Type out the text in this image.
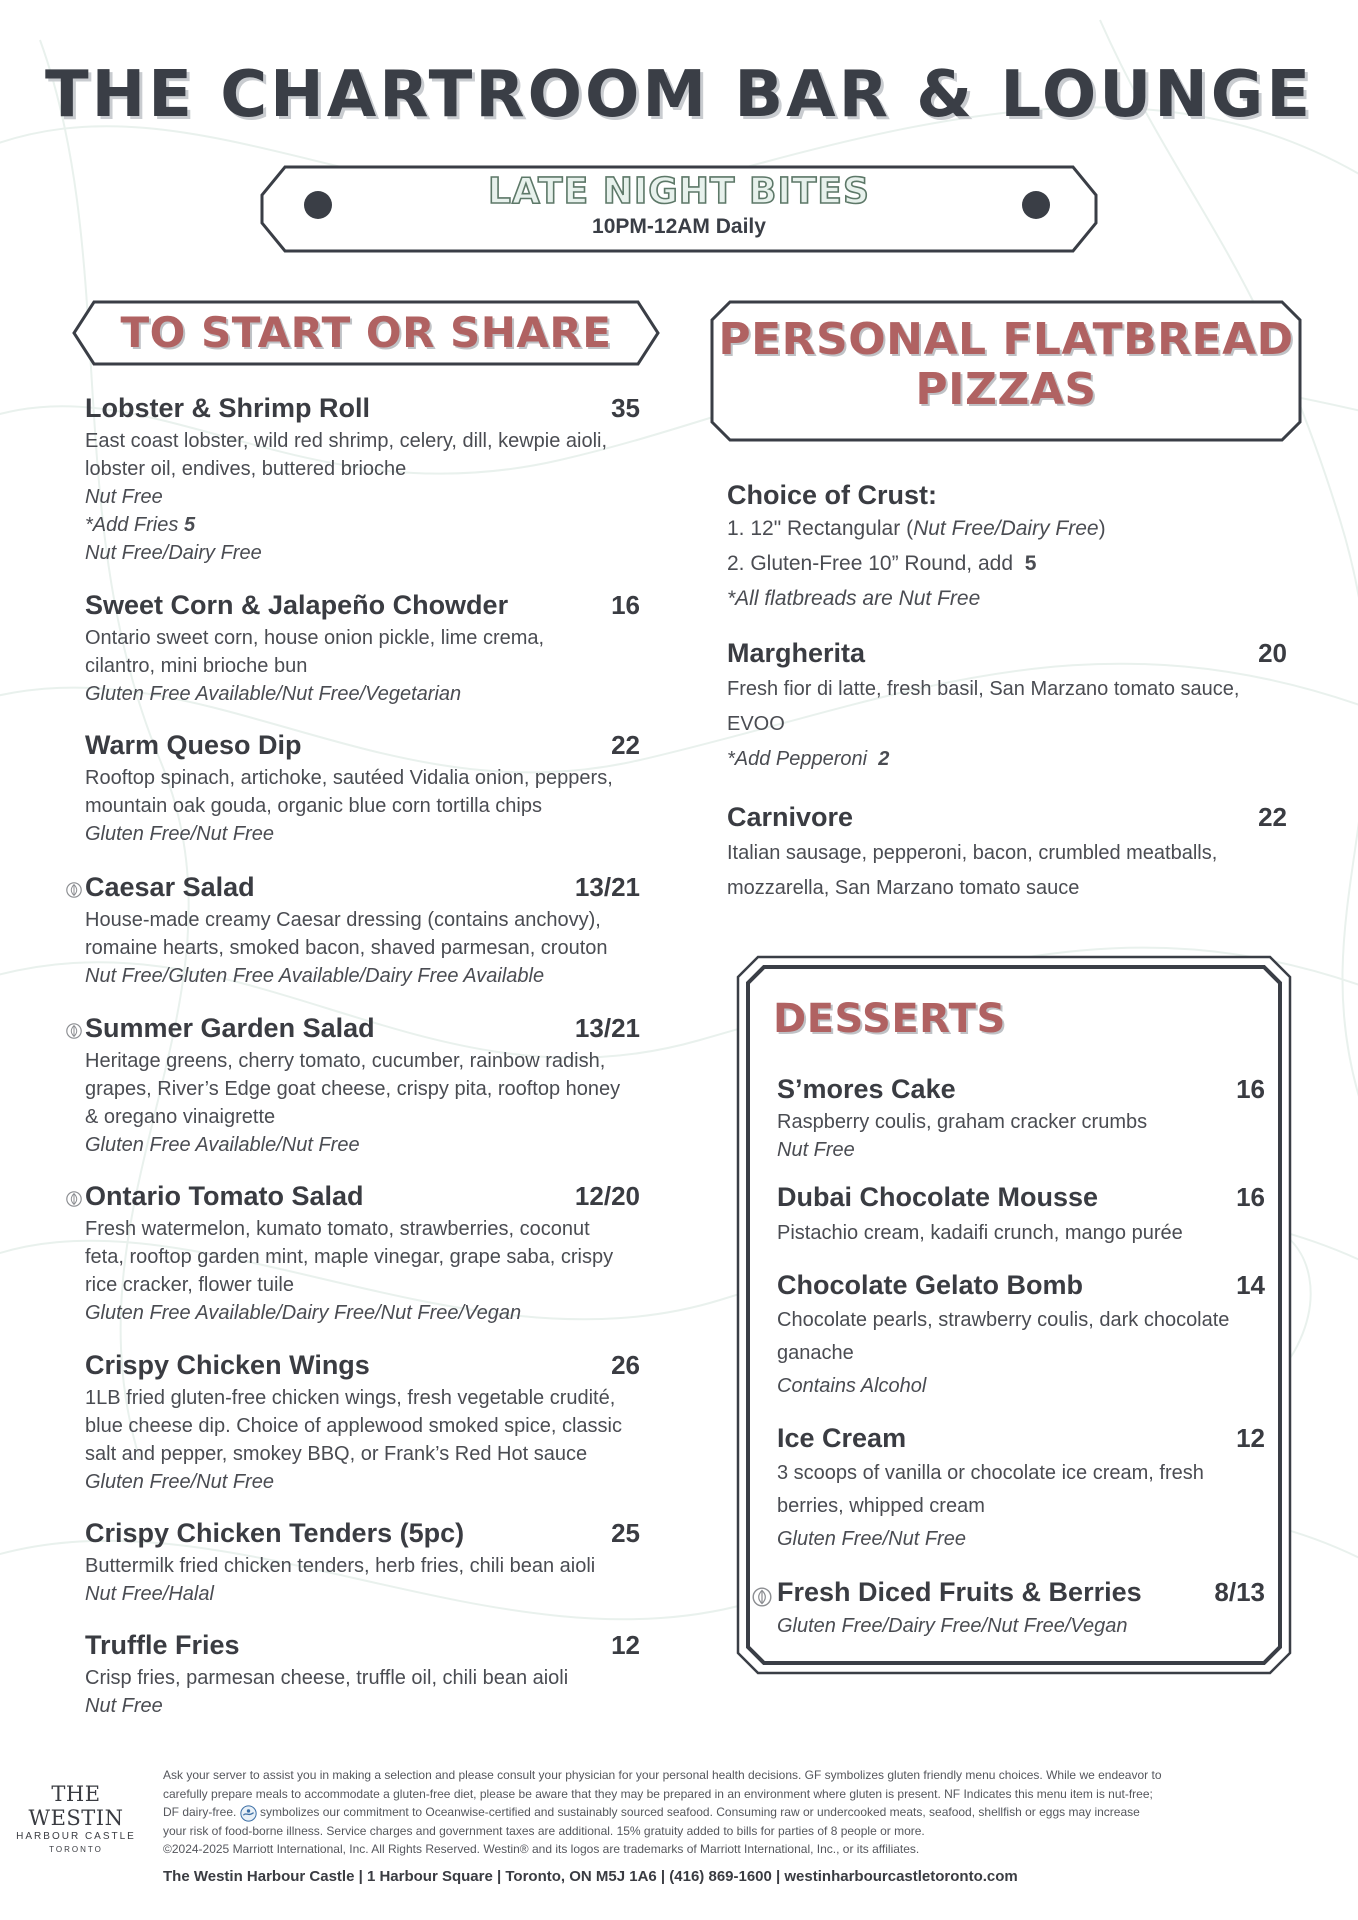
THE CHARTROOM BAR & LOUNGE
LATE NIGHT BITES
10PM-12AM Daily
TO START OR SHARE	PERSONAL FLATBREAD
PIZZAS
Lobster & Shrimp Roll	35
East coast lobster, wild red shrimp, celery, dill, kewpie aioli,
lobster oil, endives, buttered brioche
Nut Free
*Add Fries 5
Nut Free/Dairy Free
Sweet Corn & Jalapeño Chowder	16
Ontario sweet corn, house onion pickle, lime crema,
cilantro, mini brioche bun
Gluten Free Available/Nut Free/Vegetarian
Warm Queso Dip	22
Rooftop spinach, artichoke, sautéed Vidalia onion, peppers,
mountain oak gouda, organic blue corn tortilla chips
Gluten Free/Nut Free
Caesar Salad	13/21
House-made creamy Caesar dressing (contains anchovy),
romaine hearts, smoked bacon, shaved parmesan, crouton
Nut Free/Gluten Free Available/Dairy Free Available
Summer Garden Salad	13/21
Heritage greens, cherry tomato, cucumber, rainbow radish,
grapes, River’s Edge goat cheese, crispy pita, rooftop honey
& oregano vinaigrette
Gluten Free Available/Nut Free
Ontario Tomato Salad	12/20
Fresh watermelon, kumato tomato, strawberries, coconut
feta, rooftop garden mint, maple vinegar, grape saba, crispy
rice cracker, flower tuile
Gluten Free Available/Dairy Free/Nut Free/Vegan
Crispy Chicken Wings	26
1LB fried gluten-free chicken wings, fresh vegetable crudité,
blue cheese dip. Choice of applewood smoked spice, classic
salt and pepper, smokey BBQ, or Frank’s Red Hot sauce
Gluten Free/Nut Free
Crispy Chicken Tenders (5pc)	25
Buttermilk fried chicken tenders, herb fries, chili bean aioli
Nut Free/Halal
Truffle Fries	12
Crisp fries, parmesan cheese, truffle oil, chili bean aioli
Nut Free
Choice of Crust:
1. 12" Rectangular (Nut Free/Dairy Free)
2. Gluten-Free 10” Round, add 5
*All flatbreads are Nut Free
Margherita	20
Fresh fior di latte, fresh basil, San Marzano tomato sauce,
EVOO
*Add Pepperoni 2
Carnivore	22
Italian sausage, pepperoni, bacon, crumbled meatballs,
mozzarella, San Marzano tomato sauce
DESSERTS
S’mores Cake	16
Raspberry coulis, graham cracker crumbs
Nut Free
Dubai Chocolate Mousse	16
Pistachio cream, kadaifi crunch, mango purée
Chocolate Gelato Bomb	14
Chocolate pearls, strawberry coulis, dark chocolate
ganache
Contains Alcohol
Ice Cream	12
3 scoops of vanilla or chocolate ice cream, fresh
berries, whipped cream
Gluten Free/Nut Free
Fresh Diced Fruits & Berries	8/13
Gluten Free/Dairy Free/Nut Free/Vegan
THE WESTIN
HARBOUR CASTLE
TORONTO
Ask your server to assist you in making a selection and please consult your physician for your personal health decisions. GF symbolizes gluten friendly menu choices. While we endeavor to
carefully prepare meals to accommodate a gluten-free diet, please be aware that they may be prepared in an environment where gluten is present. NF Indicates this menu item is nut-free;
DF dairy-free. symbolizes our commitment to Oceanwise-certified and sustainably sourced seafood. Consuming raw or undercooked meats, seafood, shellfish or eggs may increase
your risk of food-borne illness. Service charges and government taxes are additional. 15% gratuity added to bills for parties of 8 people or more.
©2024-2025 Marriott International, Inc. All Rights Reserved. Westin® and its logos are trademarks of Marriott International, Inc., or its affiliates.
The Westin Harbour Castle | 1 Harbour Square | Toronto, ON M5J 1A6 | (416) 869-1600 | westinharbourcastletoronto.com
